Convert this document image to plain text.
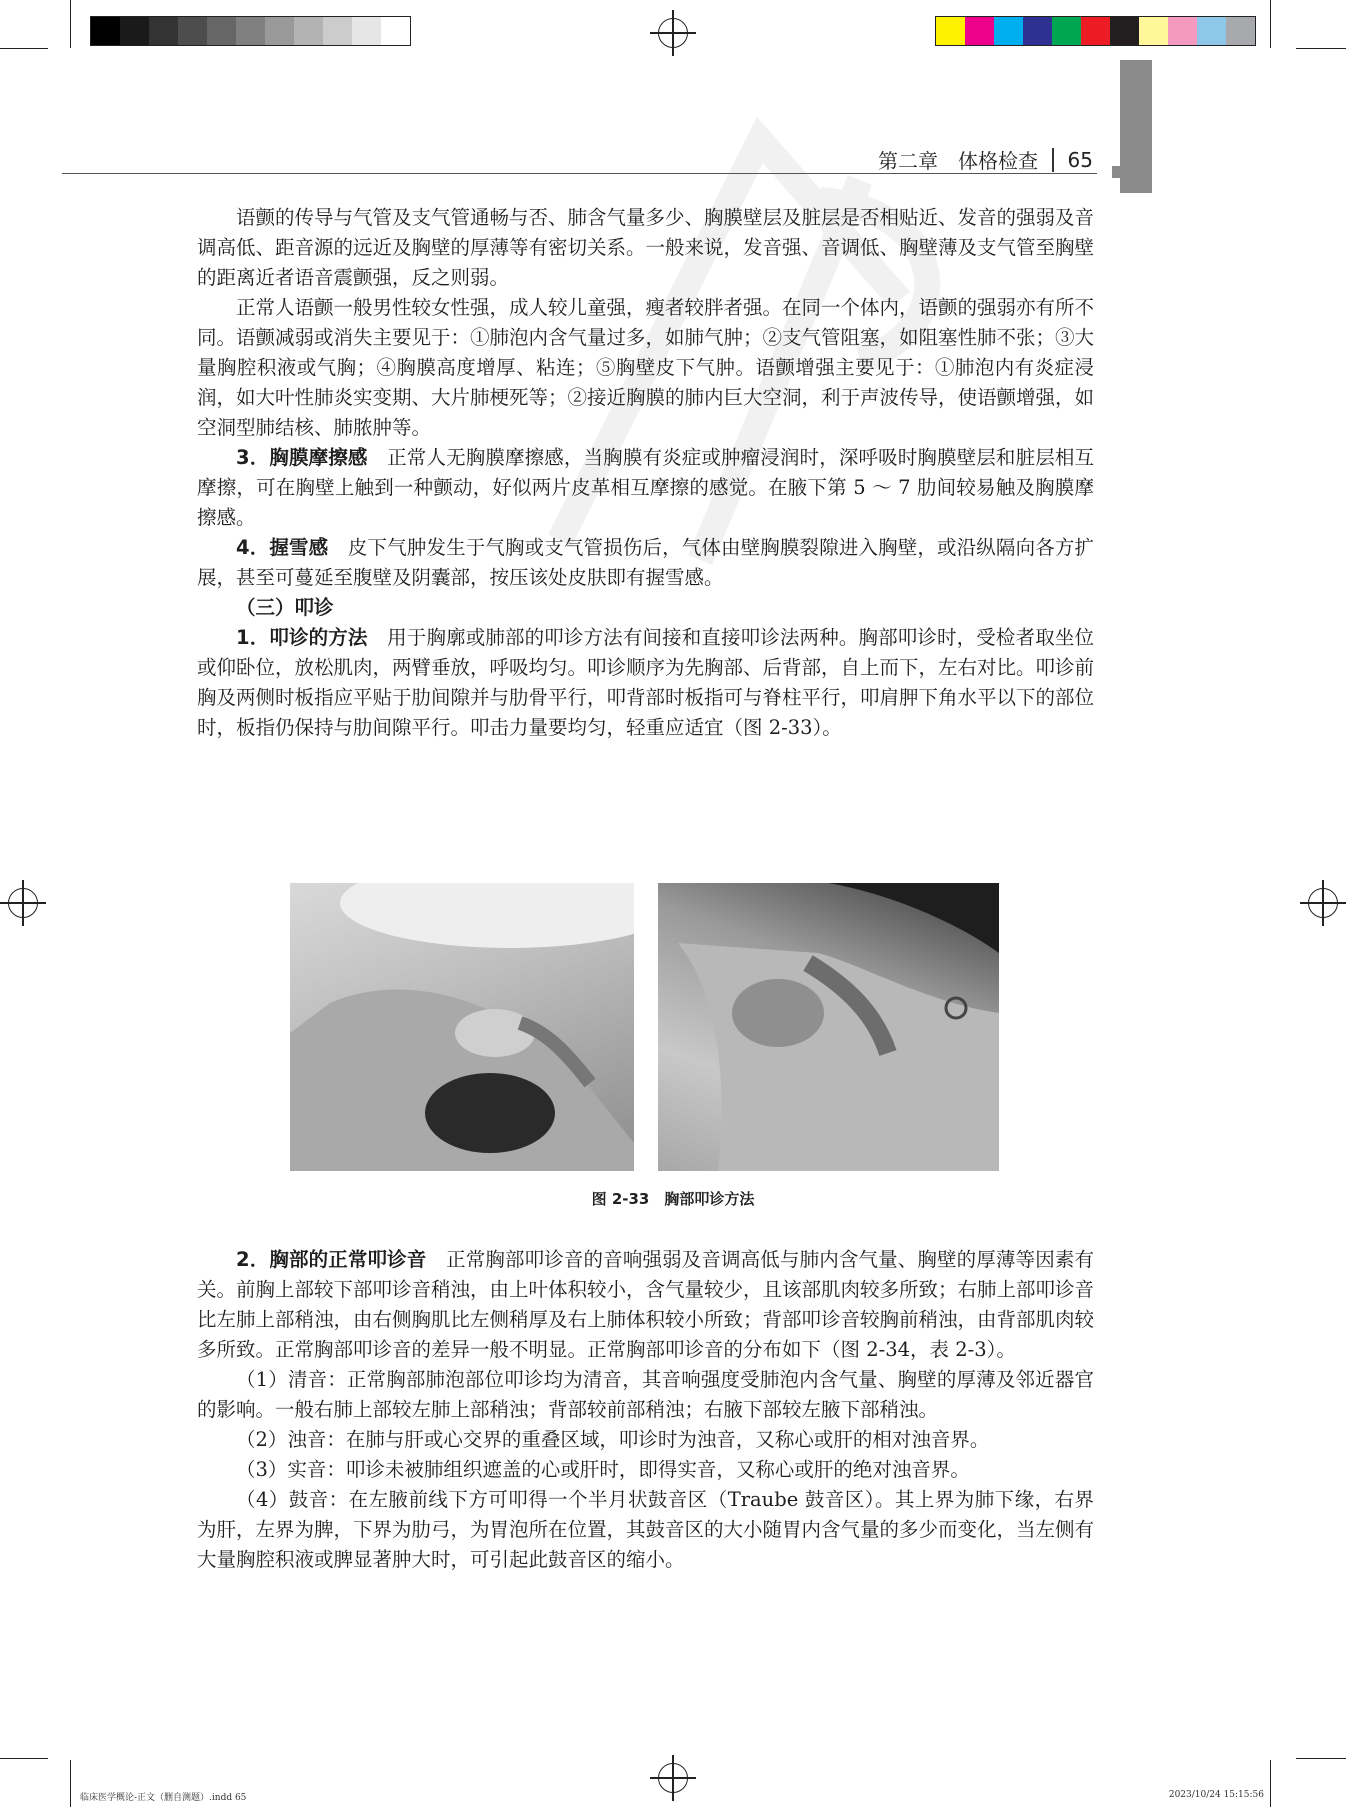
第二章　体格检查 65

语颤的传导与气管及支气管通畅与否、肺含气量多少、胸膜壁层及脏层是否相贴近、发音的强弱及音调高低、距音源的远近及胸壁的厚薄等有密切关系。一般来说，发音强、音调低、胸壁薄及支气管至胸壁的距离近者语音震颤强，反之则弱。

正常人语颤一般男性较女性强，成人较儿童强，瘦者较胖者强。在同一个体内，语颤的强弱亦有所不同。语颤减弱或消失主要见于：①肺泡内含气量过多，如肺气肿；②支气管阻塞，如阻塞性肺不张；③大量胸腔积液或气胸；④胸膜高度增厚、粘连；⑤胸壁皮下气肿。语颤增强主要见于：①肺泡内有炎症浸润，如大叶性肺炎实变期、大片肺梗死等；②接近胸膜的肺内巨大空洞，利于声波传导，使语颤增强，如空洞型肺结核、肺脓肿等。

3．胸膜摩擦感　正常人无胸膜摩擦感，当胸膜有炎症或肿瘤浸润时，深呼吸时胸膜壁层和脏层相互摩擦，可在胸壁上触到一种颤动，好似两片皮革相互摩擦的感觉。在腋下第 5 ～ 7 肋间较易触及胸膜摩擦感。

4．握雪感　皮下气肿发生于气胸或支气管损伤后，气体由壁胸膜裂隙进入胸壁，或沿纵隔向各方扩展，甚至可蔓延至腹壁及阴囊部，按压该处皮肤即有握雪感。

（三）叩诊

1．叩诊的方法　用于胸廓或肺部的叩诊方法有间接和直接叩诊法两种。胸部叩诊时，受检者取坐位或仰卧位，放松肌肉，两臂垂放，呼吸均匀。叩诊顺序为先胸部、后背部，自上而下，左右对比。叩诊前胸及两侧时板指应平贴于肋间隙并与肋骨平行，叩背部时板指可与脊柱平行，叩肩胛下角水平以下的部位时，板指仍保持与肋间隙平行。叩击力量要均匀，轻重应适宜（图 2-33）。

图 2-33　胸部叩诊方法

2．胸部的正常叩诊音　正常胸部叩诊音的音响强弱及音调高低与肺内含气量、胸壁的厚薄等因素有关。前胸上部较下部叩诊音稍浊，由上叶体积较小，含气量较少，且该部肌肉较多所致；右肺上部叩诊音比左肺上部稍浊，由右侧胸肌比左侧稍厚及右上肺体积较小所致；背部叩诊音较胸前稍浊，由背部肌肉较多所致。正常胸部叩诊音的差异一般不明显。正常胸部叩诊音的分布如下（图 2-34，表 2-3）。

（1）清音：正常胸部肺泡部位叩诊均为清音，其音响强度受肺泡内含气量、胸壁的厚薄及邻近器官的影响。一般右肺上部较左肺上部稍浊；背部较前部稍浊；右腋下部较左腋下部稍浊。

（2）浊音：在肺与肝或心交界的重叠区域，叩诊时为浊音，又称心或肝的相对浊音界。

（3）实音：叩诊未被肺组织遮盖的心或肝时，即得实音，又称心或肝的绝对浊音界。

（4）鼓音：在左腋前线下方可叩得一个半月状鼓音区（Traube 鼓音区）。其上界为肺下缘，右界为肝，左界为脾，下界为肋弓，为胃泡所在位置，其鼓音区的大小随胃内含气量的多少而变化，当左侧有大量胸腔积液或脾显著肿大时，可引起此鼓音区的缩小。

临床医学概论-正文（删自测题）.indd 65	2023/10/24 15:15:56
